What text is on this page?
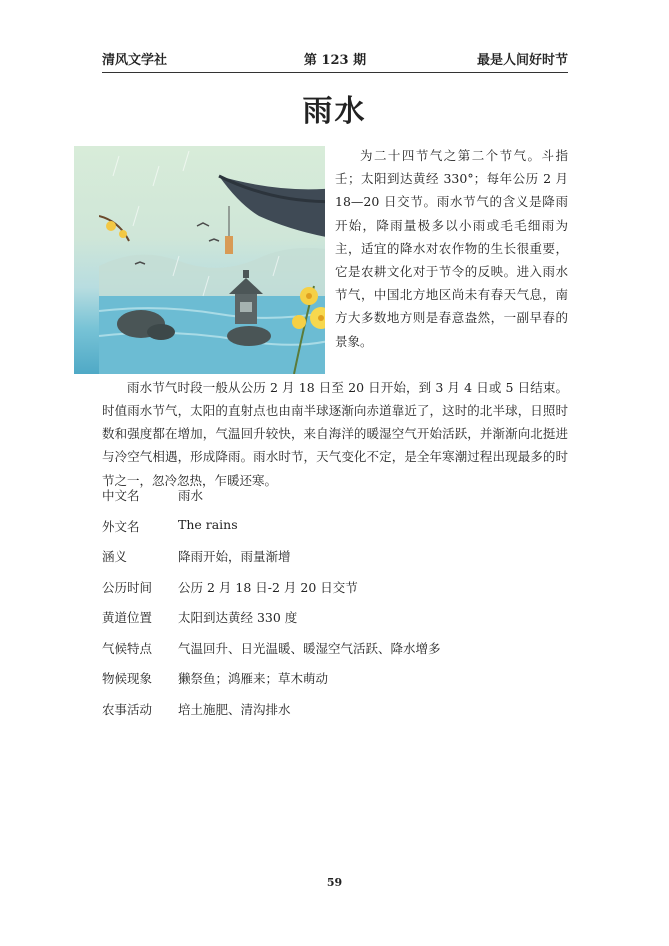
清风文学社	第 123 期	最是人间好时节
雨水

为二十四节气之第二个节气。斗指壬；太阳到达黄经 330°；每年公历 2 月 18—20 日交节。雨水节气的含义是降雨开始，降雨量极多以小雨或毛毛细雨为主，适宜的降水对农作物的生长很重要，它是农耕文化对于节令的反映。进入雨水节气，中国北方地区尚未有春天气息，南方大多数地方则是春意盎然，一副早春的景象。

雨水节气时段一般从公历 2 月 18 日至 20 日开始，到 3 月 4 日或 5 日结束。时值雨水节气，太阳的直射点也由南半球逐渐向赤道靠近了，这时的北半球，日照时数和强度都在增加，气温回升较快，来自海洋的暖湿空气开始活跃，并渐渐向北挺进与冷空气相遇，形成降雨。雨水时节，天气变化不定，是全年寒潮过程出现最多的时节之一，忽冷忽热，乍暖还寒。

中文名	雨水
外文名	The rains
涵义	降雨开始，雨量渐增
公历时间	公历 2 月 18 日-2 月 20 日交节
黄道位置	太阳到达黄经 330 度
气候特点	气温回升、日光温暖、暖湿空气活跃、降水增多
物候现象	獭祭鱼；鸿雁来；草木萌动
农事活动	培土施肥、清沟排水
59
